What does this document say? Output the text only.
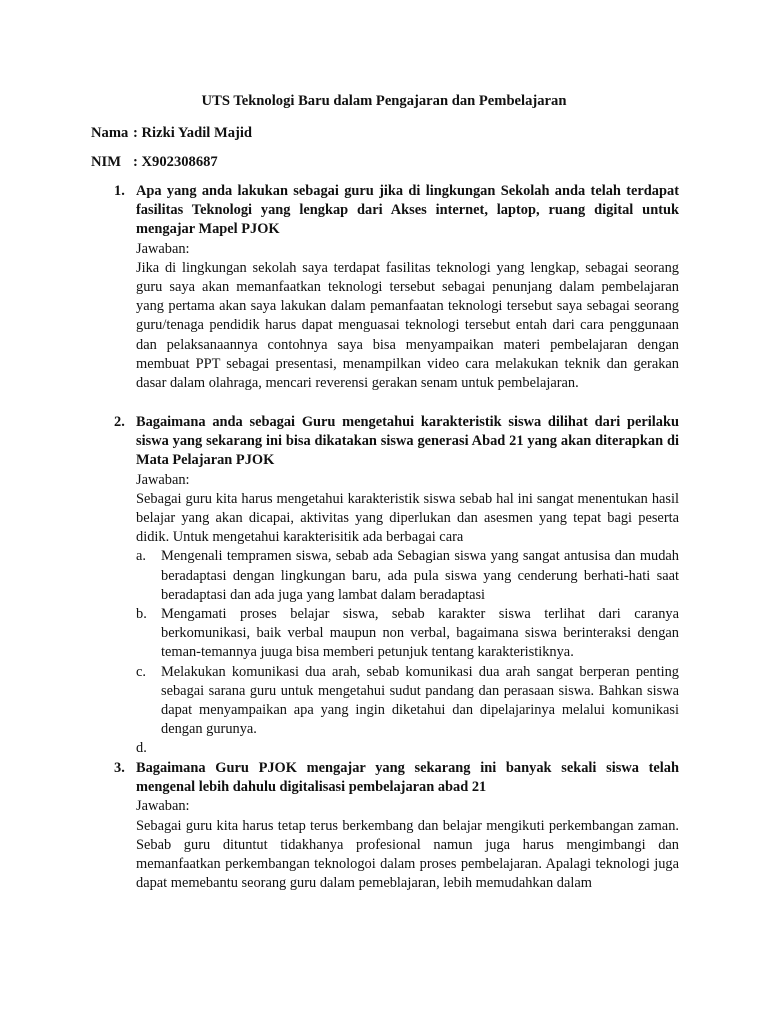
UTS Teknologi Baru dalam Pengajaran dan Pembelajaran

Nama : Rizki Yadil Majid
NIM : X902308687
1. Apa yang anda lakukan sebagai guru jika di lingkungan Sekolah anda telah terdapat fasilitas Teknologi yang lengkap dari Akses internet, laptop, ruang digital untuk mengajar Mapel PJOK

Jawaban:

Jika di lingkungan sekolah saya terdapat fasilitas teknologi yang lengkap, sebagai seorang guru saya akan memanfaatkan teknologi tersebut sebagai penunjang dalam pembelajaran yang pertama akan saya lakukan dalam pemanfaatan teknologi tersebut saya sebagai seorang guru/tenaga pendidik harus dapat menguasai teknologi tersebut entah dari cara penggunaan dan pelaksanaannya contohnya saya bisa menyampaikan materi pembelajaran dengan membuat PPT sebagai presentasi, menampilkan video cara melakukan teknik dan gerakan dasar dalam olahraga, mencari reverensi gerakan senam untuk pembelajaran.

2. Bagaimana anda sebagai Guru mengetahui karakteristik siswa dilihat dari perilaku siswa yang sekarang ini bisa dikatakan siswa generasi Abad 21 yang akan diterapkan di Mata Pelajaran PJOK

Jawaban:

Sebagai guru kita harus mengetahui karakteristik siswa sebab hal ini sangat menentukan hasil belajar yang akan dicapai, aktivitas yang diperlukan dan asesmen yang tepat bagi peserta didik. Untuk mengetahui karakterisitik ada berbagai cara

a. Mengenali tempramen siswa, sebab ada Sebagian siswa yang sangat antusisa dan mudah beradaptasi dengan lingkungan baru, ada pula siswa yang cenderung berhati-hati saat beradaptasi dan ada juga yang lambat dalam beradaptasi

b. Mengamati proses belajar siswa, sebab karakter siswa terlihat dari caranya berkomunikasi, baik verbal maupun non verbal, bagaimana siswa berinteraksi dengan teman-temannya juuga bisa memberi petunjuk tentang karakteristiknya.

c. Melakukan komunikasi dua arah, sebab komunikasi dua arah sangat berperan penting sebagai sarana guru untuk mengetahui sudut pandang dan perasaan siswa. Bahkan siswa dapat menyampaikan apa yang ingin diketahui dan dipelajarinya melalui komunikasi dengan gurunya.

d.

3. Bagaimana Guru PJOK mengajar yang sekarang ini banyak sekali siswa telah mengenal lebih dahulu digitalisasi pembelajaran abad 21

Jawaban:

Sebagai guru kita harus tetap terus berkembang dan belajar mengikuti perkembangan zaman. Sebab guru dituntut tidakhanya profesional namun juga harus mengimbangi dan memanfaatkan perkembangan teknologoi dalam proses pembelajaran. Apalagi teknologi juga dapat memebantu seorang guru dalam pemeblajaran, lebih memudahkan dalam
